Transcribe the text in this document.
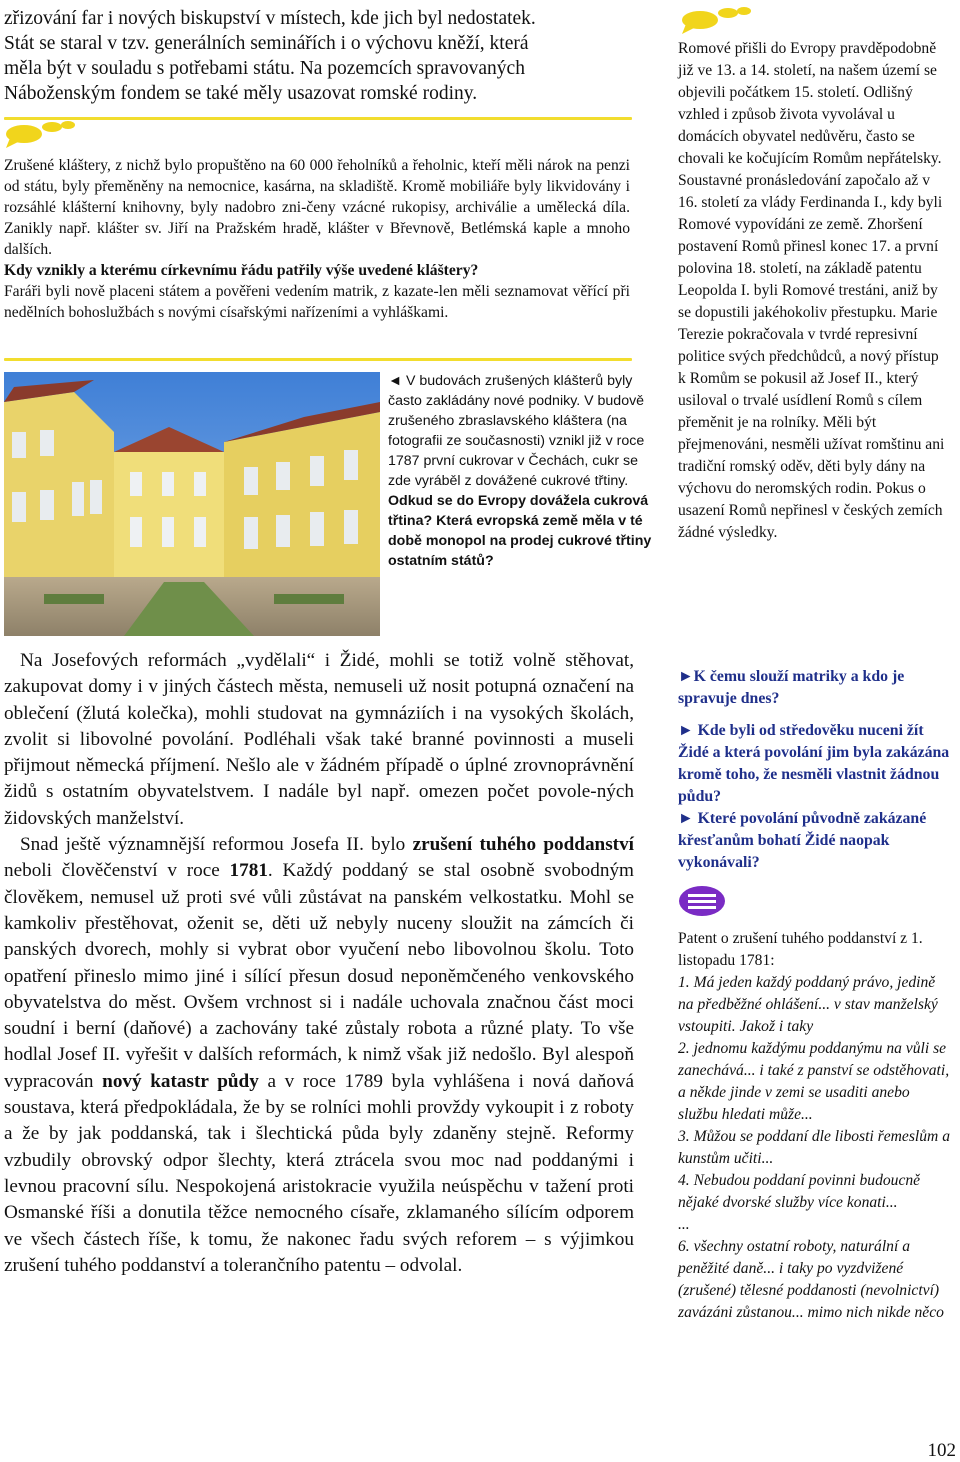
zřizování far i nových biskupství v místech, kde jich byl nedostatek.
Stát se staral v tzv. generálních seminářích i o výchovu kněží, která
měla být v souladu s potřebami státu. Na pozemcích spravovaných
Náboženským fondem se také měly usazovat romské rodiny.

Zrušené kláštery, z nichž bylo propuštěno na 60 000 řeholníků a řeholnic, kteří měli nárok na penzi od státu, byly přeměněny na nemocnice, kasárna, na skladiště. Kromě mobiliáře byly likvidovány i rozsáhlé klášterní knihovny, byly nadobro zni-čeny vzácné rukopisy, archiválie a umělecká díla. Zanikly např. klášter sv. Jiří na Pražském hradě, klášter v Břevnově, Betlémská kaple a mnoho dalších.

Kdy vznikly a kterému církevnímu řádu patřily výše uvedené kláštery?

Faráři byli nově placeni státem a pověřeni vedením matrik, z kazate-len měli seznamovat věřící při nedělních bohoslužbách s novými císařskými nařízeními a vyhláškami.

◄ V budovách zrušených klášterů byly často zakládány nové podniky. V budově zrušeného zbraslavského kláštera (na fotografii ze současnosti) vznikl již v roce 1787 první cukrovar v Čechách, cukr se zde vyráběl z dovážené cukrové třtiny.

Odkud se do Evropy dovážela cukrová třtina? Která evropská země měla v té době monopol na prodej cukrové třtiny ostatním států?

Na Josefových reformách „vydělali“ i Židé, mohli se totiž volně stěhovat, zakupovat domy i v jiných částech města, nemuseli už nosit potupná označení na oblečení (žlutá kolečka), mohli studovat na gymnáziích i na vysokých školách, zvolit si libovolné povolání. Podléhali však také branné povinnosti a museli přijmout německá příjmení. Nešlo ale v žádném případě o úplné zrovnoprávnění židů s ostatním obyvatelstvem. I nadále byl např. omezen počet povole-ných židovských manželství.

Snad ještě významnější reformou Josefa II. bylo zrušení tuhého poddanství neboli člověčenství v roce 1781. Každý poddaný se stal osobně svobodným člověkem, nemusel už proti své vůli zůstávat na panském velkostatku. Mohl se kamkoliv přestěhovat, oženit se, děti už nebyly nuceny sloužit na zámcích či panských dvorech, mohly si vybrat obor vyučení nebo libovolnou školu. Toto opatření přineslo mimo jiné i sílící přesun dosud neponěmčeného venkovského obyvatelstva do měst. Ovšem vrchnost si i nadále uchovala značnou část moci soudní i berní (daňové) a zachovány také zůstaly robota a různé platy. To vše hodlal Josef II. vyřešit v dalších reformách, k nimž však již nedošlo. Byl alespoň vypracován nový katastr půdy a v roce 1789 byla vyhlášena i nová daňová soustava, která předpokládala, že by se rolníci mohli provždy vykoupit i z roboty a že by jak poddanská, tak i šlechtická půda byly zdaněny stejně. Reformy vzbudily obrovský odpor šlechty, která ztrácela svou moc nad poddanými i levnou pracovní sílu. Nespokojená aristokracie využila neúspěchu v tažení proti Osmanské říši a donutila těžce nemocného císaře, zklamaného sílícím odporem ve všech částech říše, k tomu, že nakonec řadu svých reforem – s výjimkou zrušení tuhého poddanství a tolerančního patentu – odvolal.

Romové přišli do Evropy pravděpodobně již ve 13. a 14. století, na našem území se objevili počátkem 15. století. Odlišný vzhled i způsob života vyvolával u domácích obyvatel nedůvěru, často se chovali ke kočujícím Romům nepřátelsky. Soustavné pronásledování započalo až v 16. století za vlády Ferdinanda I., kdy byli Romové vypovídáni ze země. Zhoršení postavení Romů přinesl konec 17. a první polovina 18. století, na základě patentu Leopolda I. byli Romové trestáni, aniž by se dopustili jakéhokoliv přestupku. Marie Terezie pokračovala v tvrdé represivní politice svých předchůdců, a nový přístup k Romům se pokusil až Josef II., který usiloval o trvalé usídlení Romů s cílem přeměnit je na rolníky. Měli být přejmenováni, nesměli užívat romštinu ani tradiční romský oděv, děti byly dány na výchovu do neromských rodin. Pokus o usazení Romů nepřinesl v českých zemích žádné výsledky.

►K čemu slouží matriky a kdo je spravuje dnes?

► Kde byli od středověku nuceni žít Židé a která povolání jim byla zakázána kromě toho, že nesměli vlastnit žádnou půdu?

► Které povolání původně zakázané křesťanům bohatí Židé naopak vykonávali?

Patent o zrušení tuhého poddanství z 1. listopadu 1781:

1. Má jeden každý poddaný právo, jedině na předběžné ohlášení... v stav manželský vstoupiti. Jakož i taky

2. jednomu každýmu poddanýmu na vůli se zanechává... i také z panství se odstěhovati, a někde jinde v zemi se usaditi anebo službu hledati může...

3. Můžou se poddaní dle libosti řemeslům a kunstům učiti...

4. Nebudou poddaní povinni budoucně nějaké dvorské služby více konati...

...

6. všechny ostatní roboty, naturální a peněžité daně... i taky po vyzdvižené (zrušené) tělesné poddanosti (nevolnictví) zavázáni zůstanou... mimo nich nikde něco

102
